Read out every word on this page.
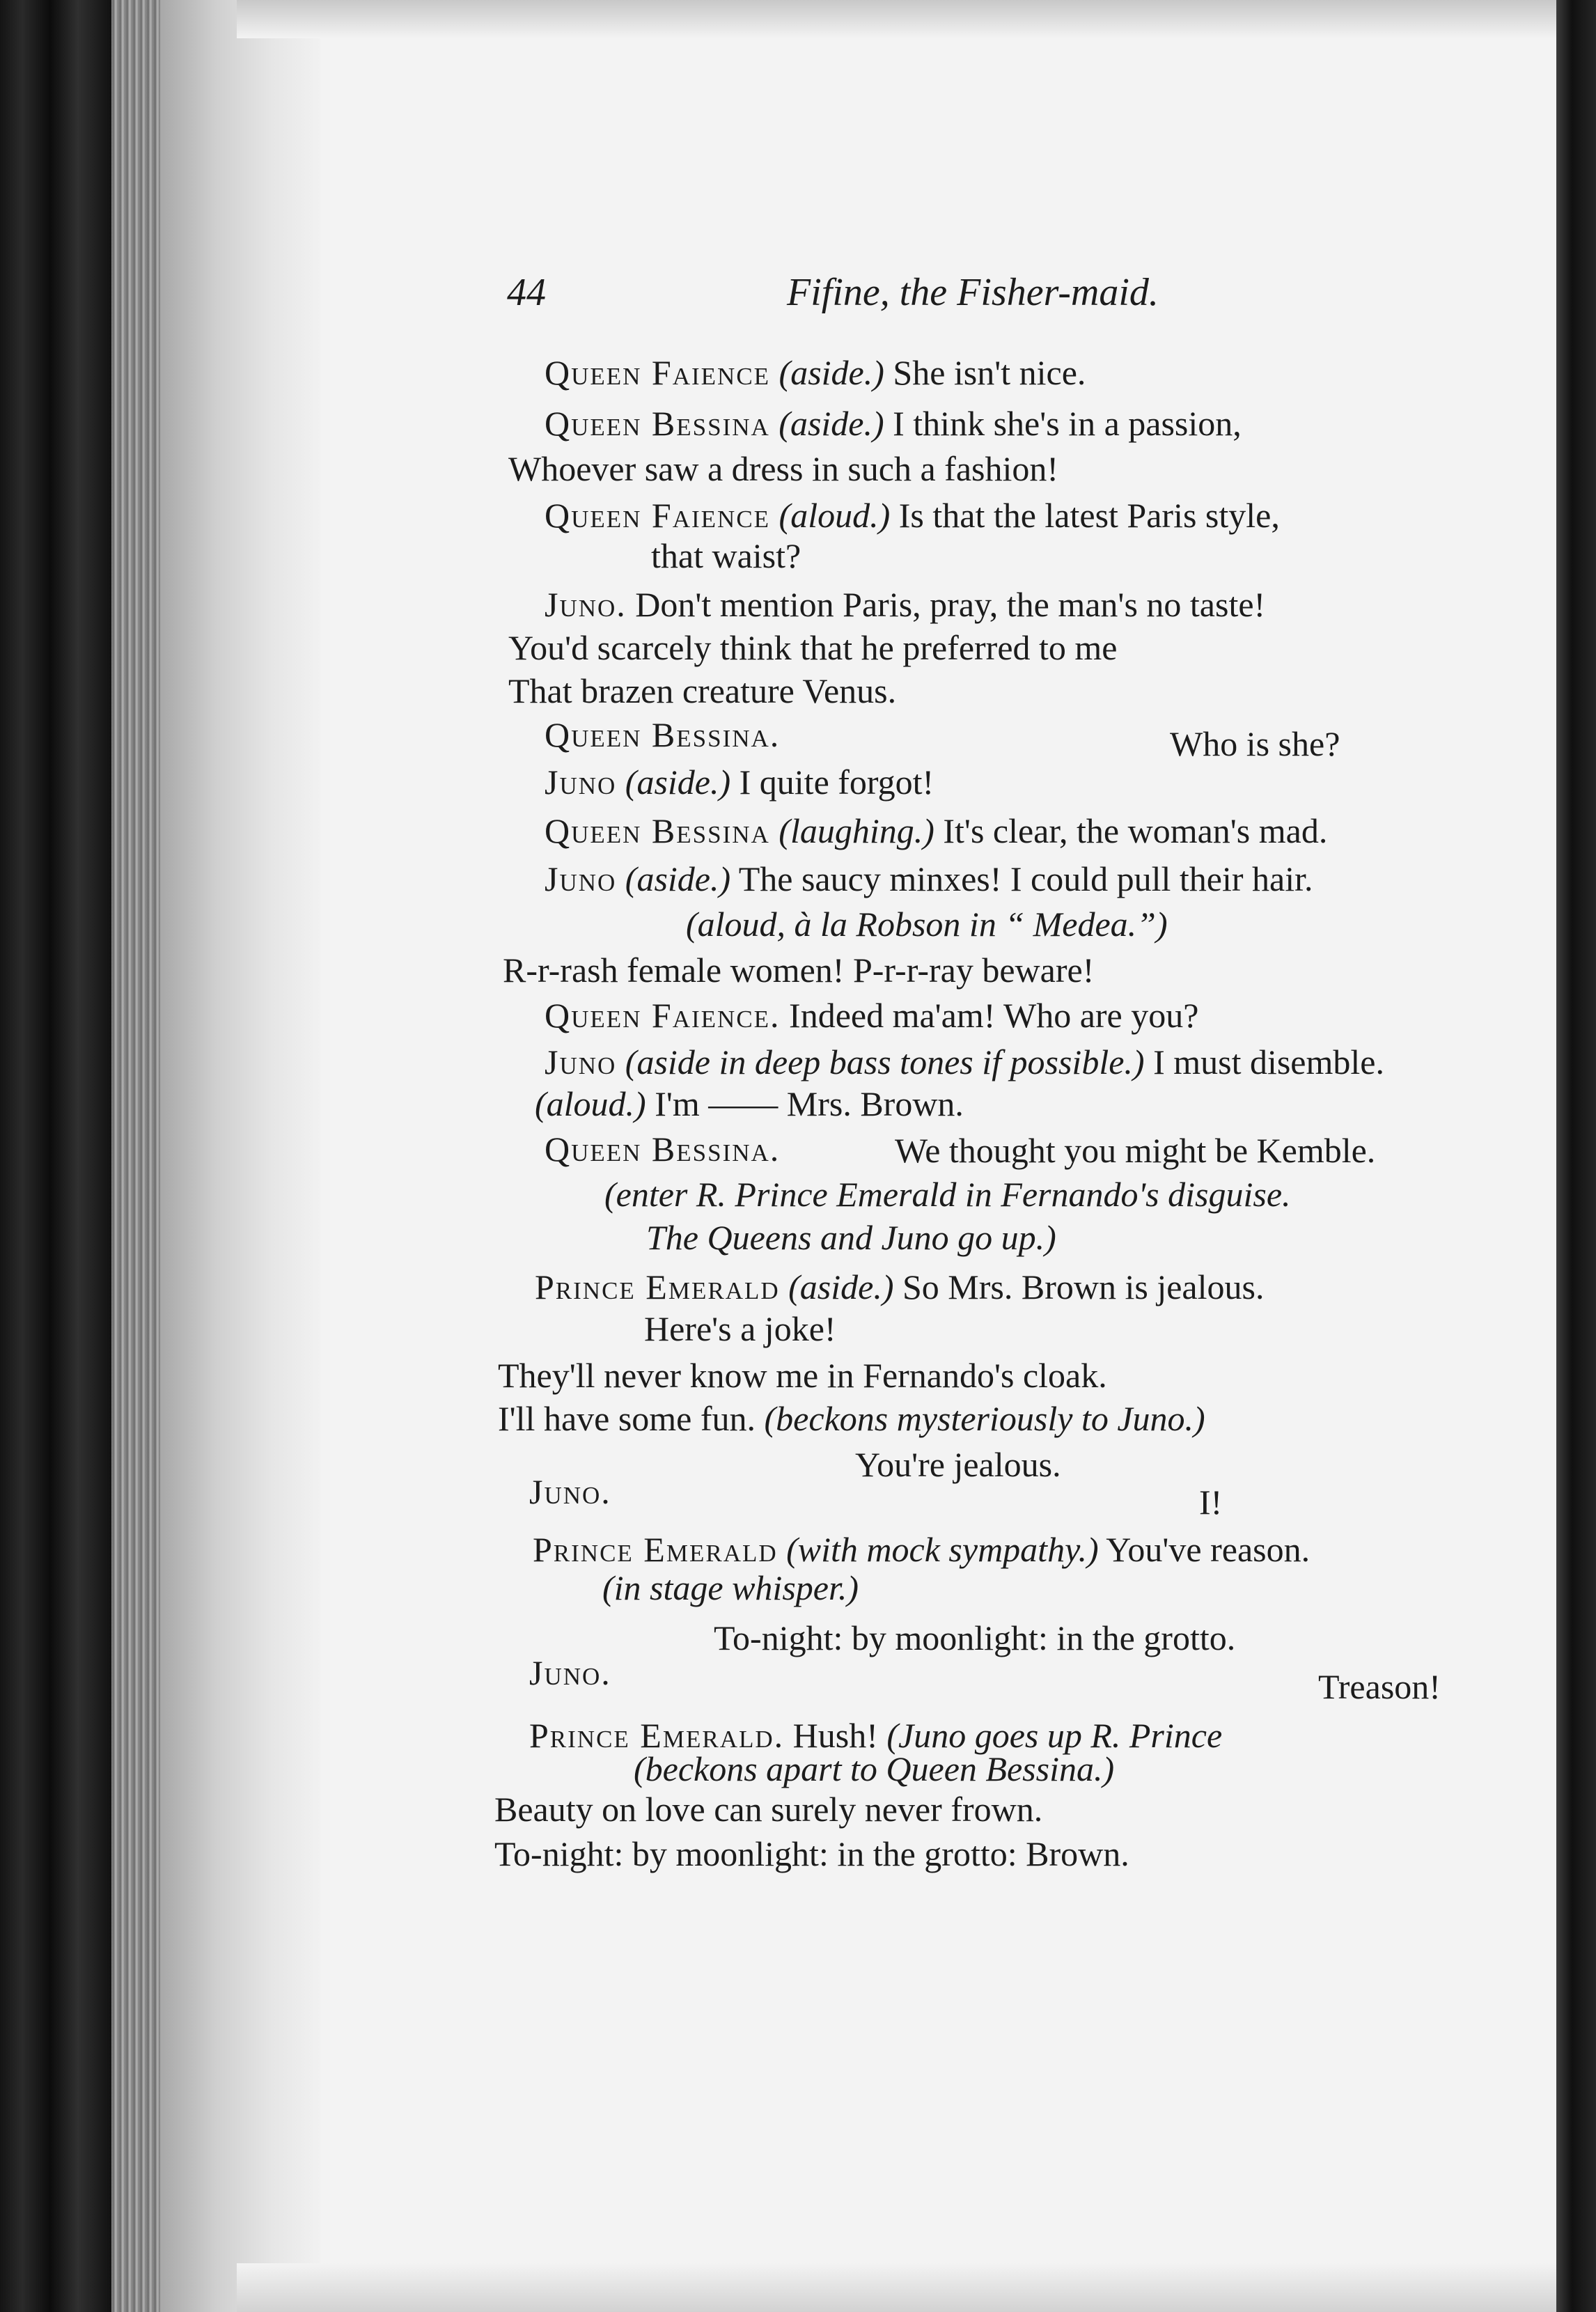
44	Fifine, the Fisher-maid.
Queen Faience (aside.) She isn't nice.
Queen Bessina (aside.) I think she's in a passion,
Whoever saw a dress in such a fashion!
Queen Faience (aloud.) Is that the latest Paris style,
that waist?
Juno. Don't mention Paris, pray, the man's no taste!
You'd scarcely think that he preferred to me
That brazen creature Venus.
Queen Bessina.	Who is she?
Juno (aside.) I quite forgot!
Queen Bessina (laughing.) It's clear, the woman's mad.
Juno (aside.) The saucy minxes! I could pull their hair.
(aloud, à la Robson in “ Medea.”)
R-r-rash female women! P-r-r-ray beware!
Queen Faience. Indeed ma'am! Who are you?
Juno (aside in deep bass tones if possible.) I must disemble.
(aloud.) I'm —— Mrs. Brown.
Queen Bessina.	We thought you might be Kemble.
(enter R. Prince Emerald in Fernando's disguise.
The Queens and Juno go up.)
Prince Emerald (aside.) So Mrs. Brown is jealous.
Here's a joke!
They'll never know me in Fernando's cloak.
I'll have some fun. (beckons mysteriously to Juno.)
You're jealous.
Juno.	I!
Prince Emerald (with mock sympathy.) You've reason.
(in stage whisper.)
To-night: by moonlight: in the grotto.
Juno.	Treason!
Prince Emerald. Hush! (Juno goes up R. Prince
(beckons apart to Queen Bessina.)
Beauty on love can surely never frown.
To-night: by moonlight: in the grotto: Brown.
